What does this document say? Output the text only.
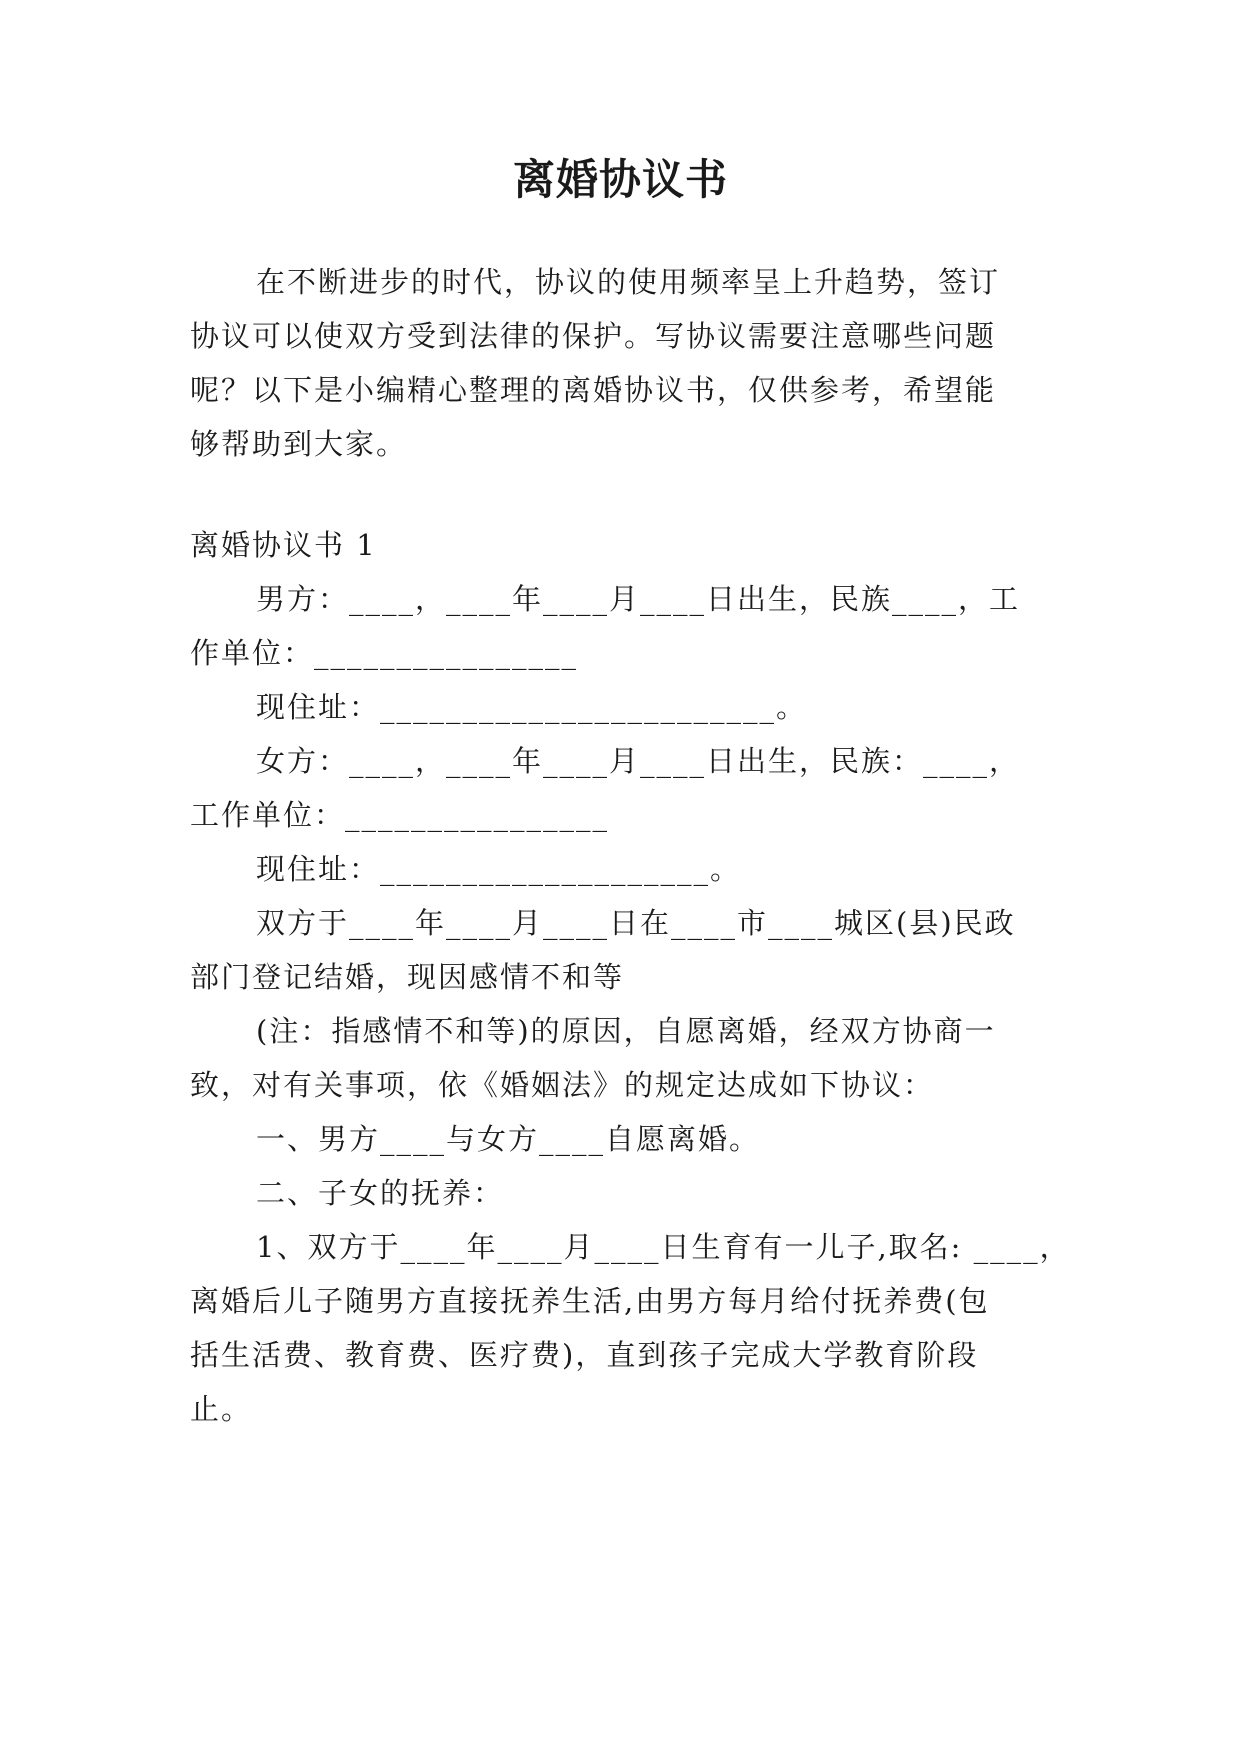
离婚协议书
在不断进步的时代，协议的使用频率呈上升趋势，签订
协议可以使双方受到法律的保护。写协议需要注意哪些问题
呢？以下是小编精心整理的离婚协议书，仅供参考，希望能
够帮助到大家。
离婚协议书 1
男方：____，____年____月____日出生，民族____，工
作单位：________________
现住址：________________________。
女方：____，____年____月____日出生，民族：____，
工作单位：________________
现住址：____________________。
双方于____年____月____日在____市____城区(县)民政
部门登记结婚，现因感情不和等
(注：指感情不和等)的原因，自愿离婚，经双方协商一
致，对有关事项，依《婚姻法》的规定达成如下协议：
一、男方____与女方____自愿离婚。
二、子女的抚养：
1、双方于____年____月____日生育有一儿子,取名: ____，
离婚后儿子随男方直接抚养生活,由男方每月给付抚养费(包
括生活费、教育费、医疗费)，直到孩子完成大学教育阶段
止。
